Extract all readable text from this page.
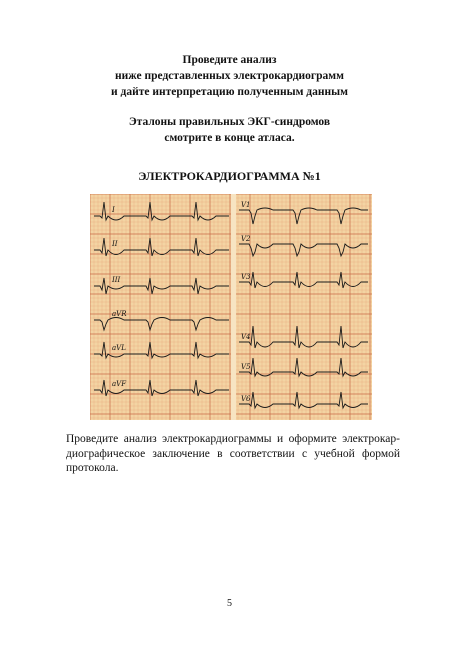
Проведите анализ
ниже представленных электрокардиограмм
и дайте интерпретацию полученным данным
Эталоны правильных ЭКГ-синдромов
смотрите в конце атласа.
ЭЛЕКТРОКАРДИОГРАММА №1
I
II
III
aVR
aVL
aVF
V1
V2
V3
V4
V5
V6

Проведите анализ электрокардиограммы и оформите электрокар-диографическое заключение в соответствии с учебной формой протокола.

5
